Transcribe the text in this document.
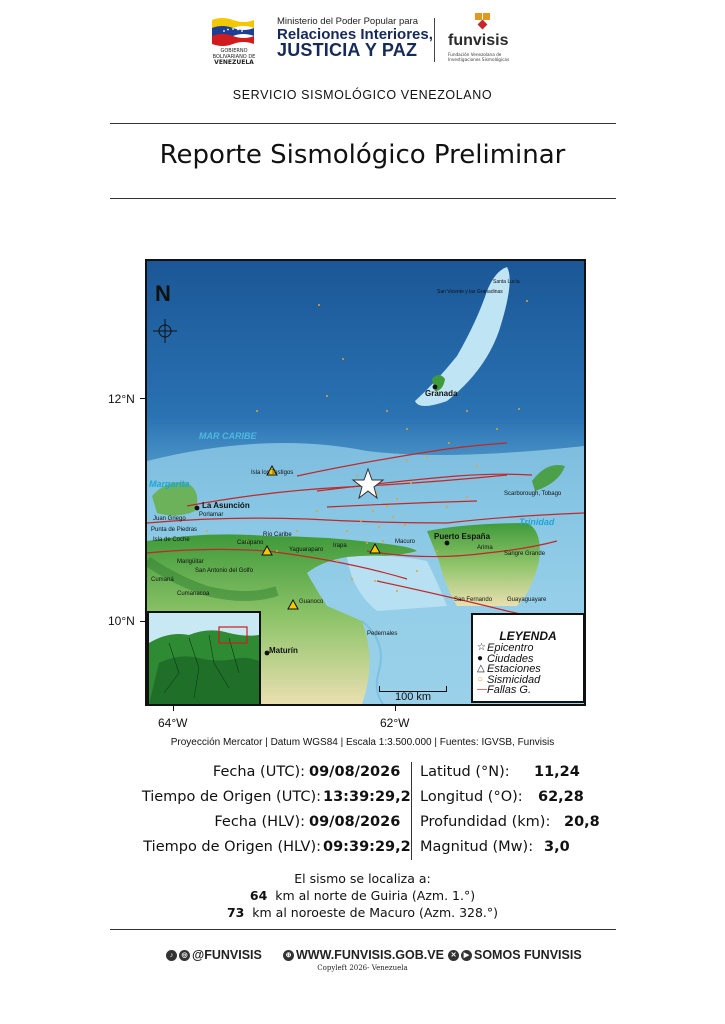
GOBIERNO BOLIVARIANO DE
VENEZUELA
Ministerio del Poder Popular para
Relaciones Interiores,
JUSTICIA Y PAZ	funvisis
Fundación Venezolana de Investigaciones Sismológicas
SERVICIO SISMOLÓGICO VENEZOLANO
Reporte Sismológico Preliminar
12°N
10°N
64°W	62°W
N
MAR CARIBE
Margarita
Trinidad
Granada
La Asunción
Puerto España
Maturín
Isla los Testigos
Porlamar
Juan Griego
Punta de Piedras
Isla de Coche
Río Caribe
Carúpano
Yaguaraparo
Irapa
Macuro
Marigüitar
San Antonio del Golfo
Cumaná
Cumanacoa
Guanoco
Pedernales
Arima
Sangre Grande
San Fernando Guayaguayare
Scarborough, Tobago
San Vicente y las Granadinas
Santa Lucía
100 km
LEYENDA
☆ Epicentro
● Ciudades
△ Estaciones
○ Sismicidad
— Fallas G.
Proyección Mercator | Datum WGS84 | Escala 1:3.500.000 | Fuentes: IGVSB, Funvisis
Fecha (UTC): 09/08/2026 Latitud (°N): 11,24
Tiempo de Origen (UTC): 13:39:29,2 Longitud (°O): 62,28
Fecha (HLV): 09/08/2026 Profundidad (km): 20,8
Tiempo de Origen (HLV): 09:39:29,2 Magnitud (Mw): 3,0
El sismo se localiza a:
64 km al norte de Guiria (Azm. 1.°)
73 km al noroeste de Macuro (Azm. 328.°)
♪ ◎ @FUNVISIS	⊕ WWW.FUNVISIS.GOB.VE ✕ ▶ SOMOS FUNVISIS
Copyleft 2026- Venezuela
